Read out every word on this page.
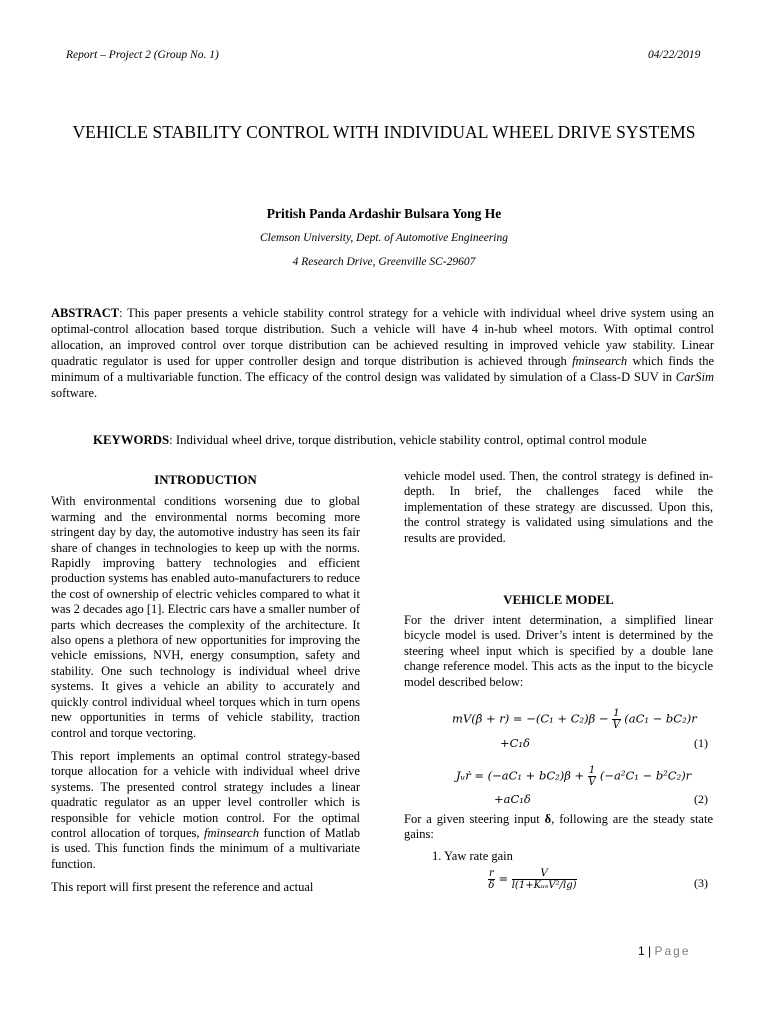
Report – Project 2 (Group No. 1)	04/22/2019
VEHICLE STABILITY CONTROL WITH INDIVIDUAL WHEEL DRIVE SYSTEMS
Pritish Panda Ardashir Bulsara Yong He
Clemson University, Dept. of Automotive Engineering
4 Research Drive, Greenville SC-29607
ABSTRACT: This paper presents a vehicle stability control strategy for a vehicle with individual wheel drive system using an optimal-control allocation based torque distribution. Such a vehicle will have 4 in-hub wheel motors. With optimal control allocation, an improved control over torque distribution can be achieved resulting in improved vehicle yaw stability. Linear quadratic regulator is used for upper controller design and torque distribution is achieved through fminsearch which finds the minimum of a multivariable function. The efficacy of the control design was validated by simulation of a Class-D SUV in CarSim software.
KEYWORDS: Individual wheel drive, torque distribution, vehicle stability control, optimal control module
INTRODUCTION

With environmental conditions worsening due to global warming and the environmental norms becoming more stringent day by day, the automotive industry has seen its fair share of changes in technologies to keep up with the norms. Rapidly improving battery technologies and efficient production systems has enabled auto-manufacturers to reduce the cost of ownership of electric vehicles compared to what it was 2 decades ago [1]. Electric cars have a smaller number of parts which decreases the complexity of the architecture. It also opens a plethora of new opportunities for improving the vehicle emissions, NVH, energy consumption, safety and stability. One such technology is individual wheel drive systems. It gives a vehicle an ability to accurately and quickly control individual wheel torques which in turn opens new opportunities in terms of vehicle stability, traction control and torque vectoring.

This report implements an optimal control strategy-based torque allocation for a vehicle with individual wheel drive systems. The presented control strategy includes a linear quadratic regulator as an upper level controller which is responsible for vehicle motion control. For the optimal control allocation of torques, fminsearch function of Matlab is used. This function finds the minimum of a multivariate function.

This report will first present the reference and actual

vehicle model used. Then, the control strategy is defined in-depth. In brief, the challenges faced while the implementation of these strategy are discussed. Upon this, the control strategy is validated using simulations and the results are provided.
VEHICLE MODEL
For the driver intent determination, a simplified linear bicycle model is used. Driver’s intent is determined by the steering wheel input which is specified by a double lane change reference model. This acts as the input to the bicycle model described below:
mV(β̇ + $r) = -(C_1 + C_2)\beta - \frac{1}{V} (aC_1 - bC_2)r$
+C₁δ	(1)
Jᵤṙ = $(-aC_1 + bC_2)\beta + \frac{1}{V} (-a^2C_1 - b^2C_2)r$
+aC₁δ	(2)
For a given steering input δ, following are the steady state gains:
1. Yaw rate gain
$\frac{r}{\delta} = \frac{V}{\text{l(1+KᵤₛV²/lg)}}$	(3)
1 | Page
